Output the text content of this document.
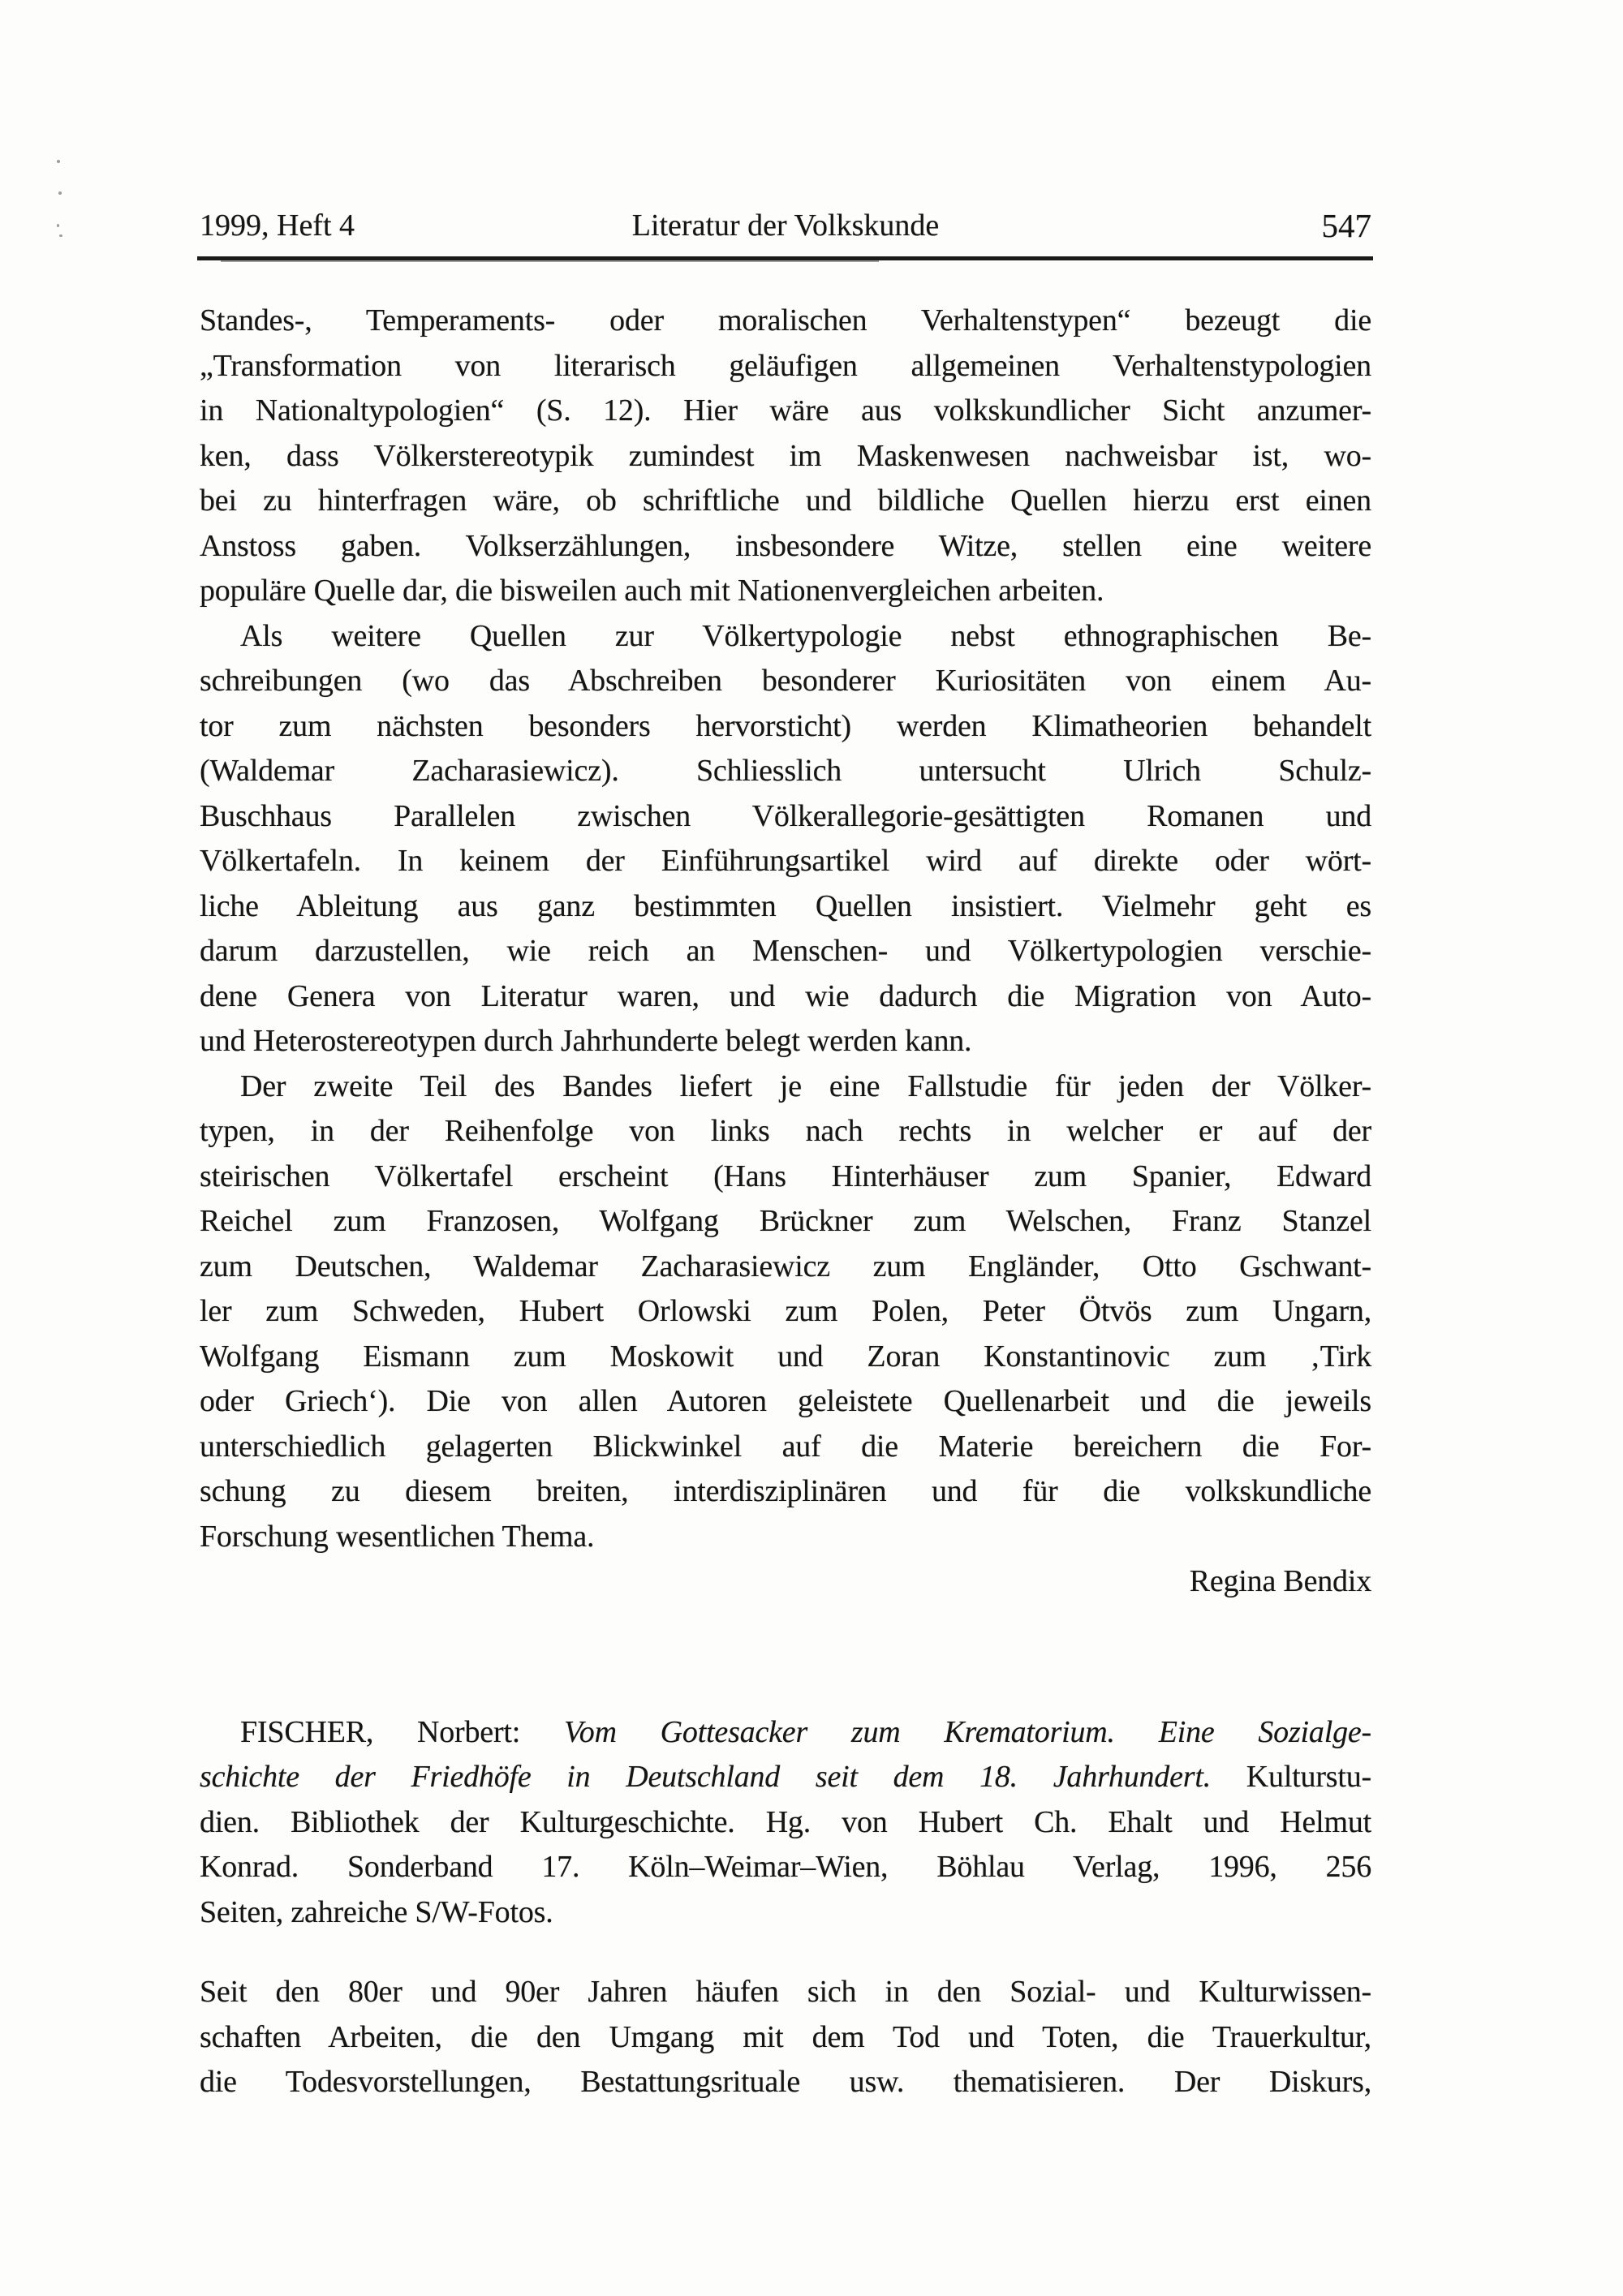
1999, Heft 4	Literatur der Volkskunde	547
Standes-, Temperaments- oder moralischen Verhaltenstypen“ bezeugt die
„Transformation von literarisch geläufigen allgemeinen Verhaltenstypologien
in Nationaltypologien“ (S. 12). Hier wäre aus volkskundlicher Sicht anzumer-
ken, dass Völkerstereotypik zumindest im Maskenwesen nachweisbar ist, wo-
bei zu hinterfragen wäre, ob schriftliche und bildliche Quellen hierzu erst einen
Anstoss gaben. Volkserzählungen, insbesondere Witze, stellen eine weitere
populäre Quelle dar, die bisweilen auch mit Nationenvergleichen arbeiten.
Als weitere Quellen zur Völkertypologie nebst ethnographischen Be-
schreibungen (wo das Abschreiben besonderer Kuriositäten von einem Au-
tor zum nächsten besonders hervorsticht) werden Klimatheorien behandelt
(Waldemar Zacharasiewicz). Schliesslich untersucht Ulrich Schulz-
Buschhaus Parallelen zwischen Völkerallegorie-gesättigten Romanen und
Völkertafeln. In keinem der Einführungsartikel wird auf direkte oder wört-
liche Ableitung aus ganz bestimmten Quellen insistiert. Vielmehr geht es
darum darzustellen, wie reich an Menschen- und Völkertypologien verschie-
dene Genera von Literatur waren, und wie dadurch die Migration von Auto-
und Heterostereotypen durch Jahrhunderte belegt werden kann.
Der zweite Teil des Bandes liefert je eine Fallstudie für jeden der Völker-
typen, in der Reihenfolge von links nach rechts in welcher er auf der
steirischen Völkertafel erscheint (Hans Hinterhäuser zum Spanier, Edward
Reichel zum Franzosen, Wolfgang Brückner zum Welschen, Franz Stanzel
zum Deutschen, Waldemar Zacharasiewicz zum Engländer, Otto Gschwant-
ler zum Schweden, Hubert Orlowski zum Polen, Peter Ötvös zum Ungarn,
Wolfgang Eismann zum Moskowit und Zoran Konstantinovic zum ‚Tirk
oder Griech‘). Die von allen Autoren geleistete Quellenarbeit und die jeweils
unterschiedlich gelagerten Blickwinkel auf die Materie bereichern die For-
schung zu diesem breiten, interdisziplinären und für die volkskundliche
Forschung wesentlichen Thema.
Regina Bendix
FISCHER, Norbert: Vom Gottesacker zum Krematorium. Eine Sozialge-
schichte der Friedhöfe in Deutschland seit dem 18. Jahrhundert. Kulturstu-
dien. Bibliothek der Kulturgeschichte. Hg. von Hubert Ch. Ehalt und Helmut
Konrad. Sonderband 17. Köln–Weimar–Wien, Böhlau Verlag, 1996, 256
Seiten, zahreiche S/W-Fotos.
Seit den 80er und 90er Jahren häufen sich in den Sozial- und Kulturwissen-
schaften Arbeiten, die den Umgang mit dem Tod und Toten, die Trauerkultur,
die Todesvorstellungen, Bestattungsrituale usw. thematisieren. Der Diskurs,
